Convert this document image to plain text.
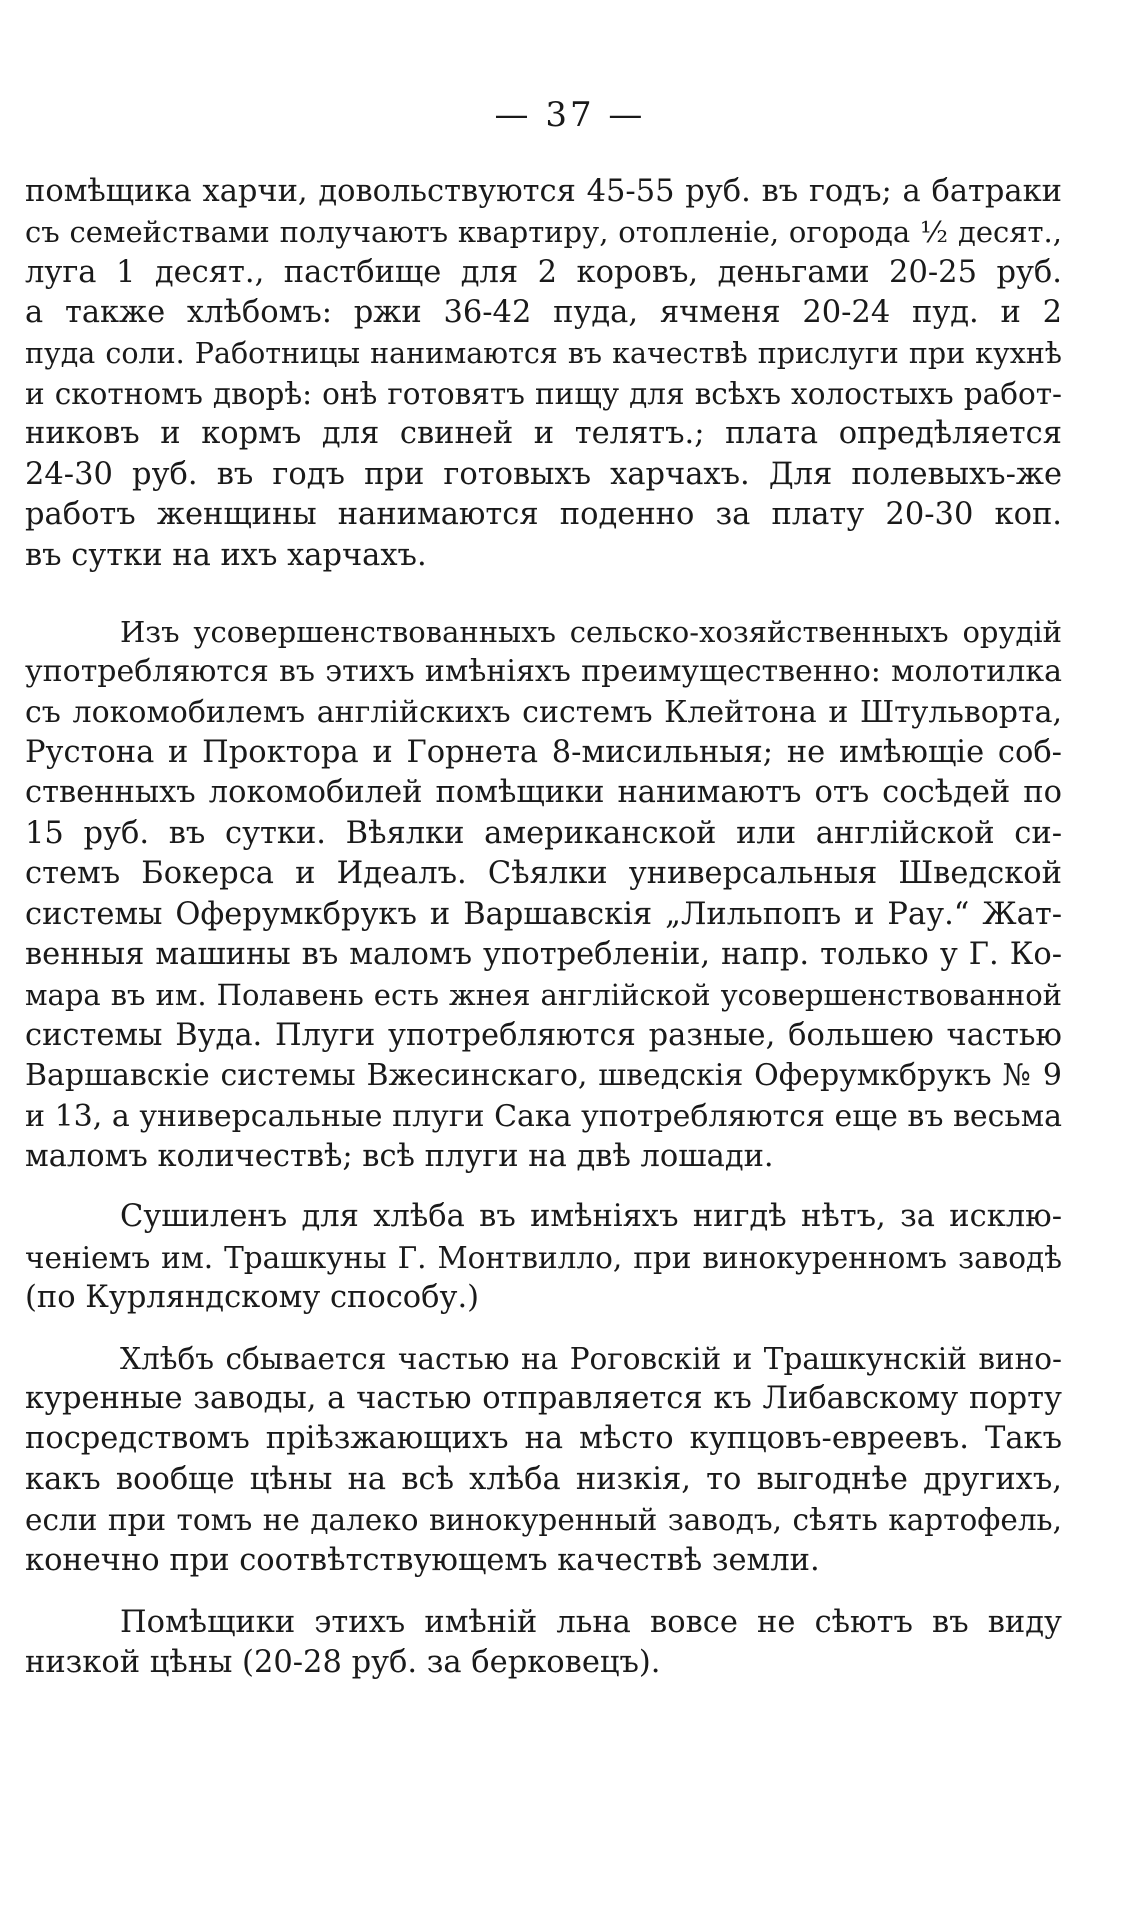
— 37 —
помѣщика харчи, довольствуются 45-55 руб. въ годъ; а батраки
съ семействами получаютъ квартиру, отопленіе, огорода ½ десят.,
луга 1 десят., пастбище для 2 коровъ, деньгами 20-25 руб.
а также хлѣбомъ: ржи 36-42 пуда, ячменя 20-24 пуд. и 2
пуда соли. Работницы нанимаются въ качествѣ прислуги при кухнѣ
и скотномъ дворѣ: онѣ готовятъ пищу для всѣхъ холостыхъ работ-
никовъ и кормъ для свиней и телятъ.; плата опредѣляется
24-30 руб. въ годъ при готовыхъ харчахъ. Для полевыхъ-же
работъ женщины нанимаются поденно за плату 20-30 коп.
въ сутки на ихъ харчахъ.
Изъ усовершенствованныхъ сельско-хозяйственныхъ орудій
употребляются въ этихъ имѣніяхъ преимущественно: молотилка
съ локомобилемъ англійскихъ системъ Клейтона и Штульворта,
Рустона и Проктора и Горнета 8-мисильныя; не имѣющіе соб-
ственныхъ локомобилей помѣщики нанимаютъ отъ сосѣдей по
15 руб. въ сутки. Вѣялки американской или англійской си-
стемъ Бокерса и Идеалъ. Сѣялки универсальныя Шведской
системы Оферумкбрукъ и Варшавскія „Лильпопъ и Рау.“ Жат-
венныя машины въ маломъ употребленіи, напр. только у Г. Ко-
мара въ им. Полавень есть жнея англійской усовершенствованной
системы Вуда. Плуги употребляются разные, большею частью
Варшавскіе системы Вжесинскаго, шведскія Оферумкбрукъ № 9
и 13, а универсальные плуги Сака употребляются еще въ весьма
маломъ количествѣ; всѣ плуги на двѣ лошади.
Сушиленъ для хлѣба въ имѣніяхъ нигдѣ нѣтъ, за исклю-
ченіемъ им. Трашкуны Г. Монтвилло, при винокуренномъ заводѣ
(по Курляндскому способу.)
Хлѣбъ сбывается частью на Роговскій и Трашкунскій вино-
куренные заводы, а частью отправляется къ Либавскому порту
посредствомъ пріѣзжающихъ на мѣсто купцовъ-евреевъ. Такъ
какъ вообще цѣны на всѣ хлѣба низкія, то выгоднѣе другихъ,
если при томъ не далеко винокуренный заводъ, сѣять картофель,
конечно при соотвѣтствующемъ качествѣ земли.
Помѣщики этихъ имѣній льна вовсе не сѣютъ въ виду
низкой цѣны (20-28 руб. за берковецъ).
